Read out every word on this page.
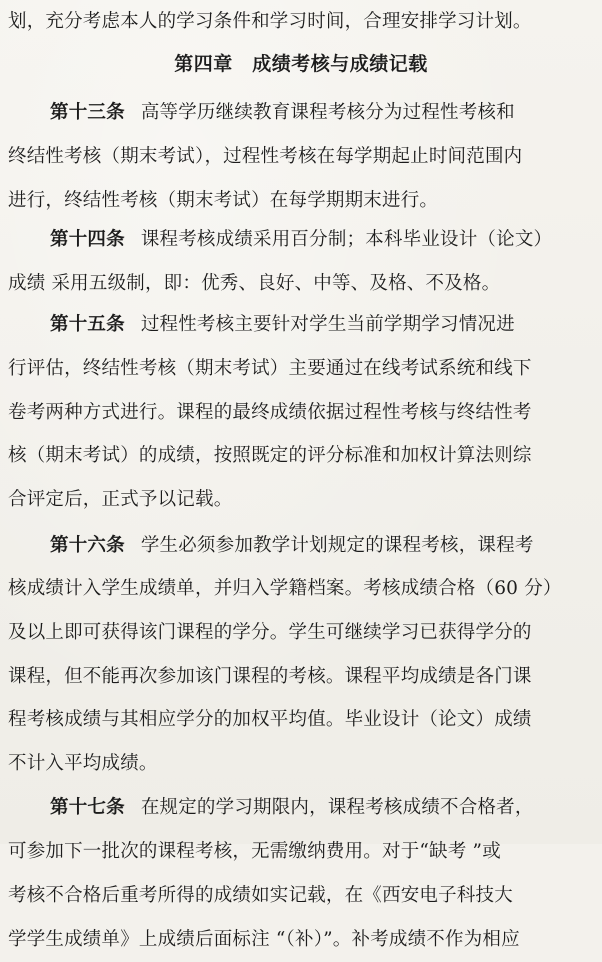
划，充分考虑本人的学习条件和学习时间，合理安排学习计划。
第四章　成绩考核与成绩记载
第十三条 高等学历继续教育课程考核分为过程性考核和
终结性考核（期末考试），过程性考核在每学期起止时间范围内
进行，终结性考核（期末考试）在每学期期末进行。
第十四条 课程考核成绩采用百分制；本科毕业设计（论文）
成绩 采用五级制，即：优秀、良好、中等、及格、不及格。
第十五条 过程性考核主要针对学生当前学期学习情况进
行评估，终结性考核（期末考试）主要通过在线考试系统和线下
卷考两种方式进行。课程的最终成绩依据过程性考核与终结性考
核（期末考试）的成绩，按照既定的评分标准和加权计算法则综
合评定后，正式予以记载。
第十六条 学生必须参加教学计划规定的课程考核，课程考
核成绩计入学生成绩单，并归入学籍档案。考核成绩合格（60 分）
及以上即可获得该门课程的学分。学生可继续学习已获得学分的
课程，但不能再次参加该门课程的考核。课程平均成绩是各门课
程考核成绩与其相应学分的加权平均值。毕业设计（论文）成绩
不计入平均成绩。
第十七条 在规定的学习期限内，课程考核成绩不合格者，
可参加下一批次的课程考核，无需缴纳费用。对于“缺考 ”或
考核不合格后重考所得的成绩如实记载，在《西安电子科技大
学学生成绩单》上成绩后面标注 “（补）”。补考成绩不作为相应
